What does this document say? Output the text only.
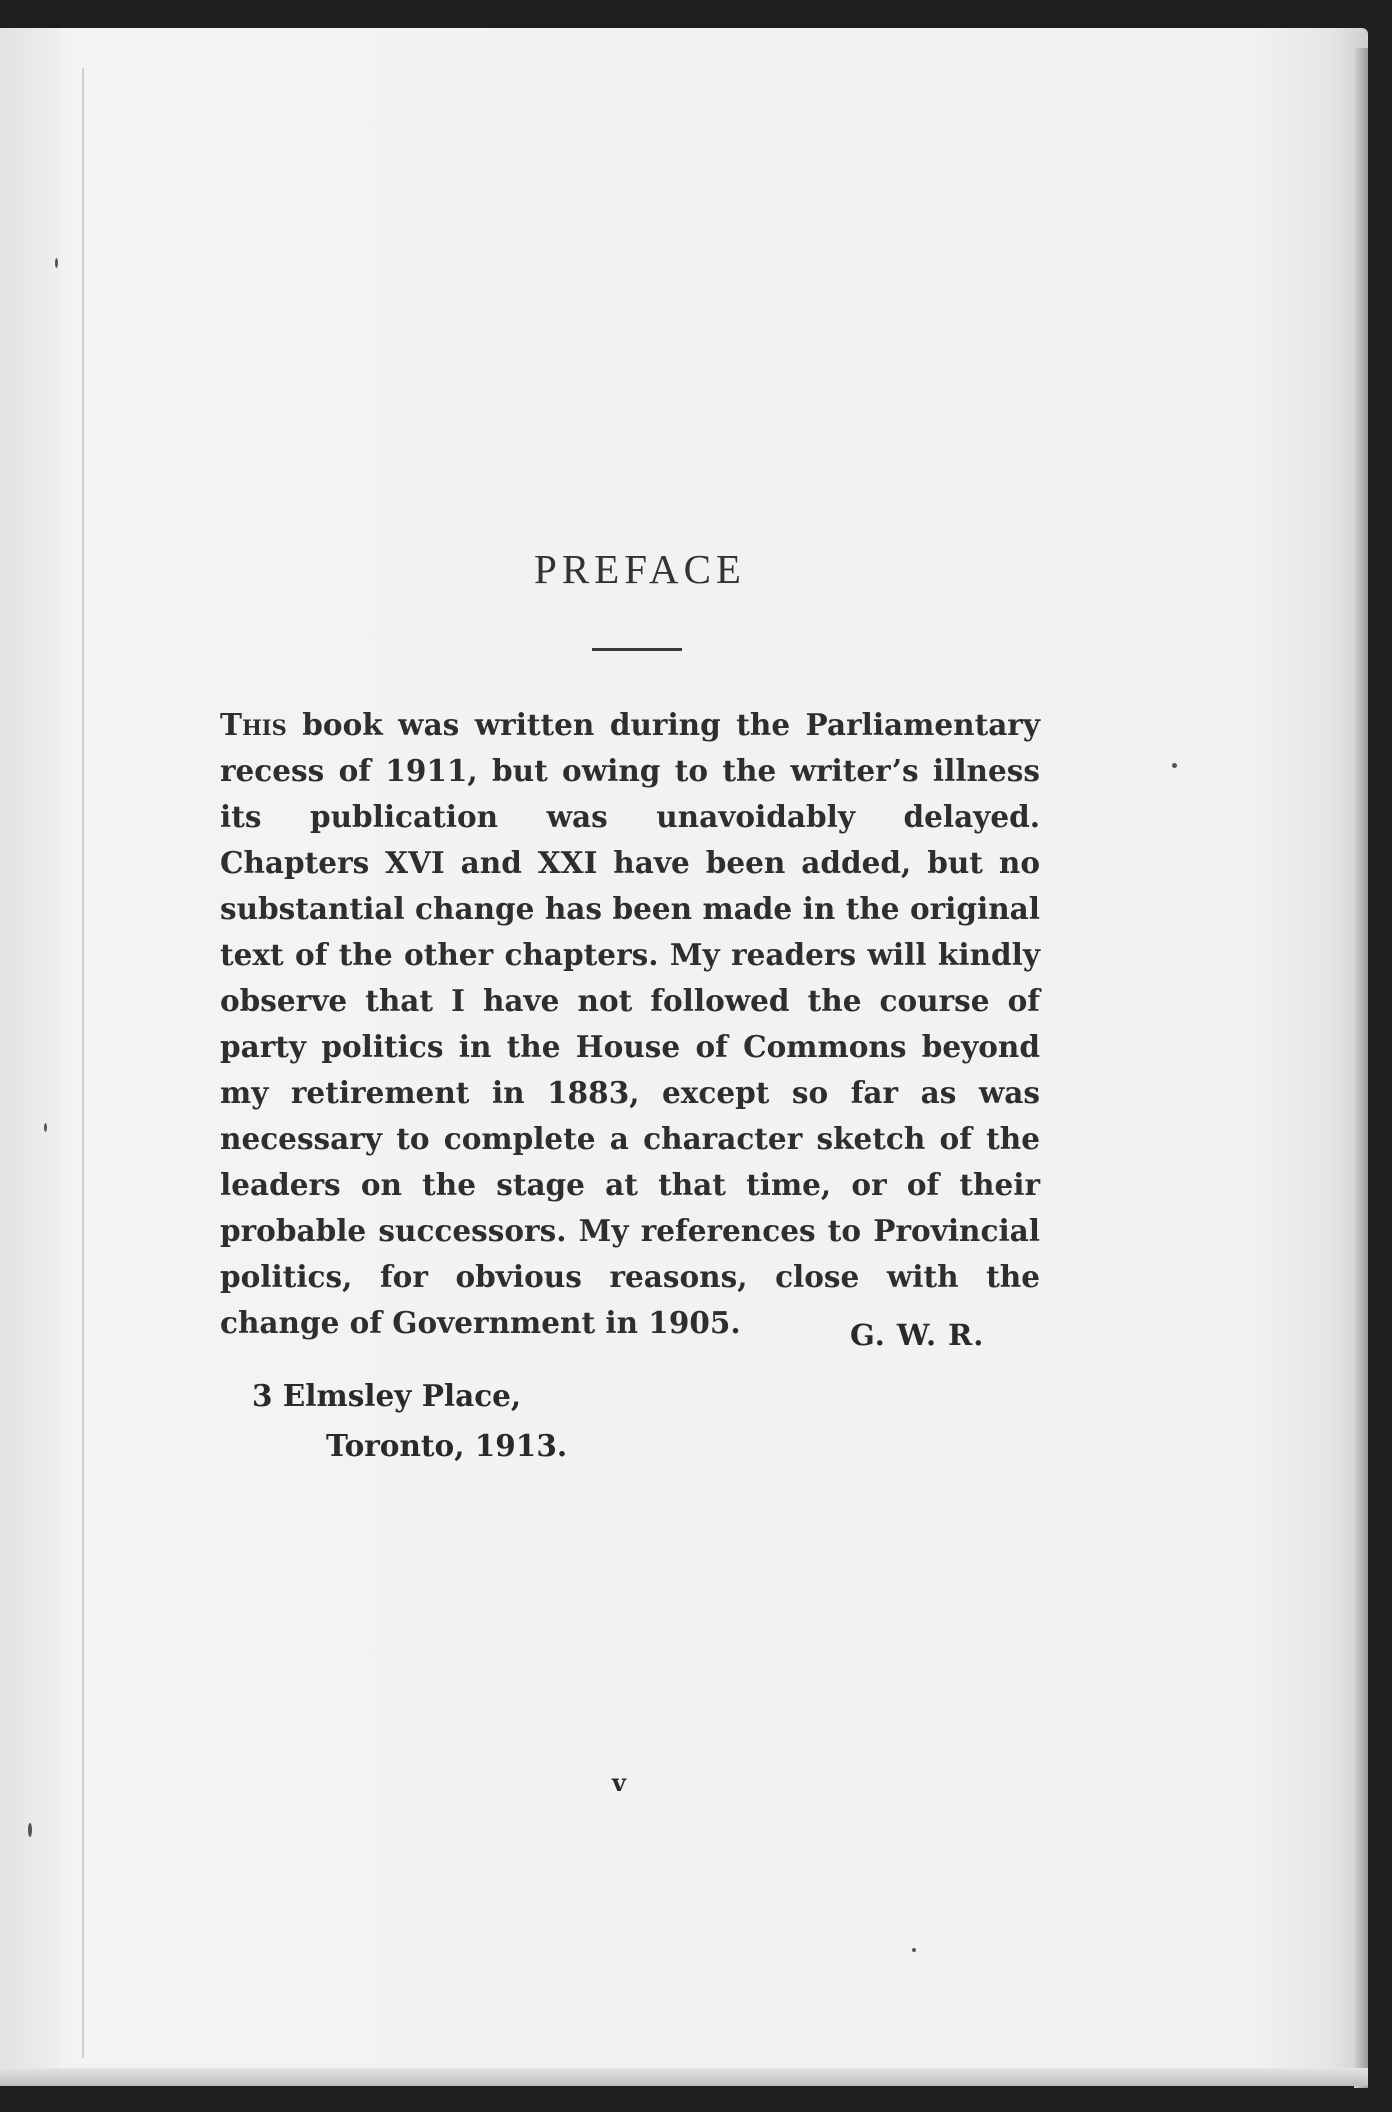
PREFACE
This book was written during the Parliamentary recess of 1911, but owing to the writer’s illness its publication was unavoidably delayed. Chapters XVI and XXI have been added, but no substantial change has been made in the original text of the other chapters. My readers will kindly observe that I have not followed the course of party politics in the House of Commons beyond my retirement in 1883, except so far as was necessary to complete a character sketch of the leaders on the stage at that time, or of their probable successors. My references to Provincial politics, for obvious reasons, close with the change of Government in 1905.	G. W. R.
3 Elmsley Place,
Toronto, 1913.
v
